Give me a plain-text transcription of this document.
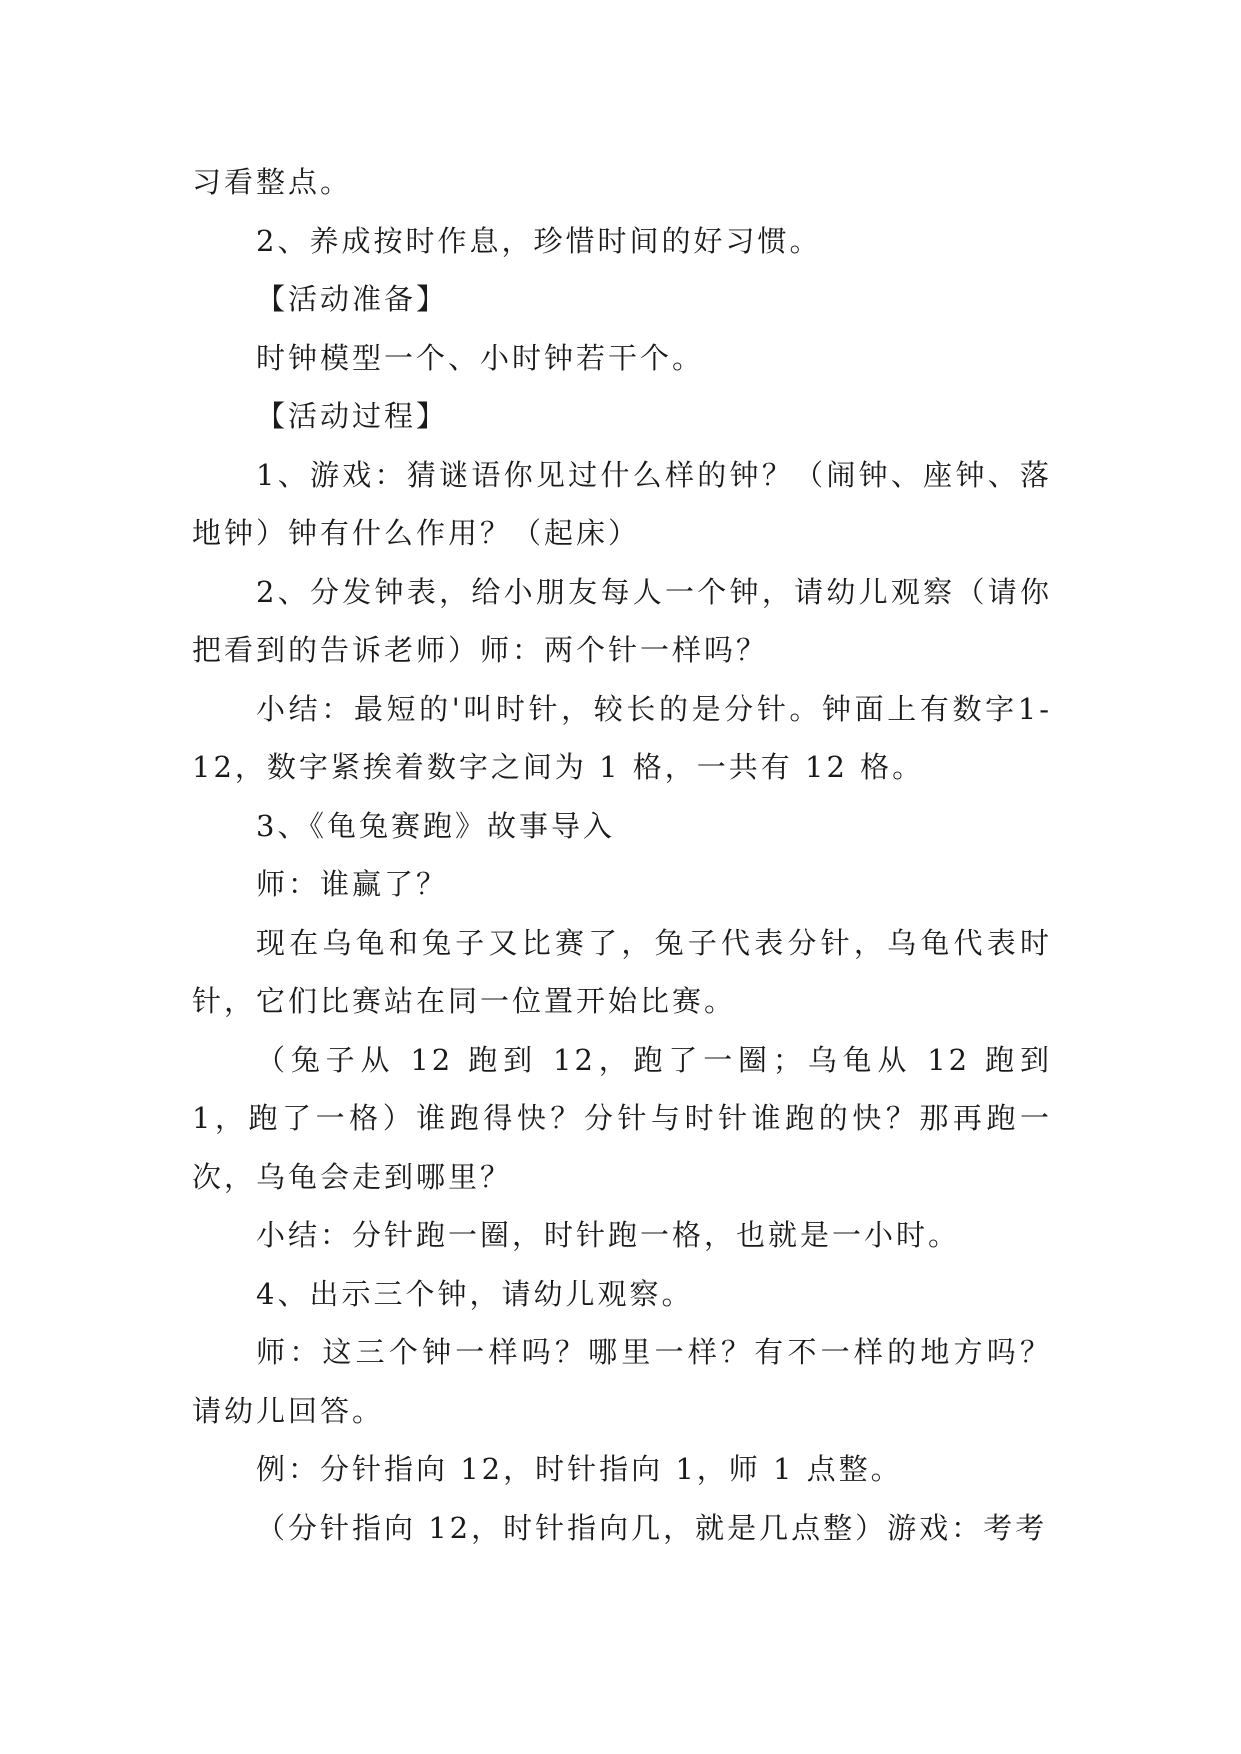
习看整点。

2、养成按时作息，珍惜时间的好习惯。

【活动准备】

时钟模型一个、小时钟若干个。

【活动过程】

1、游戏：猜谜语你见过什么样的钟？（闹钟、座钟、落地钟）钟有什么作用？（起床）

2、分发钟表，给小朋友每人一个钟，请幼儿观察（请你把看到的告诉老师）师：两个针一样吗？

小结：最短的'叫时针，较长的是分针。钟面上有数字1-12，数字紧挨着数字之间为 1 格，一共有 12 格。

3、《龟兔赛跑》故事导入

师：谁赢了？

现在乌龟和兔子又比赛了，兔子代表分针，乌龟代表时针，它们比赛站在同一位置开始比赛。

（兔子从 12 跑到 12，跑了一圈；乌龟从 12 跑到 1，跑了一格）谁跑得快？分针与时针谁跑的快？那再跑一次，乌龟会走到哪里？

小结：分针跑一圈，时针跑一格，也就是一小时。

4、出示三个钟，请幼儿观察。

师：这三个钟一样吗？哪里一样？有不一样的地方吗？请幼儿回答。

例：分针指向 12，时针指向 1，师 1 点整。

（分针指向 12，时针指向几，就是几点整）游戏：考考
